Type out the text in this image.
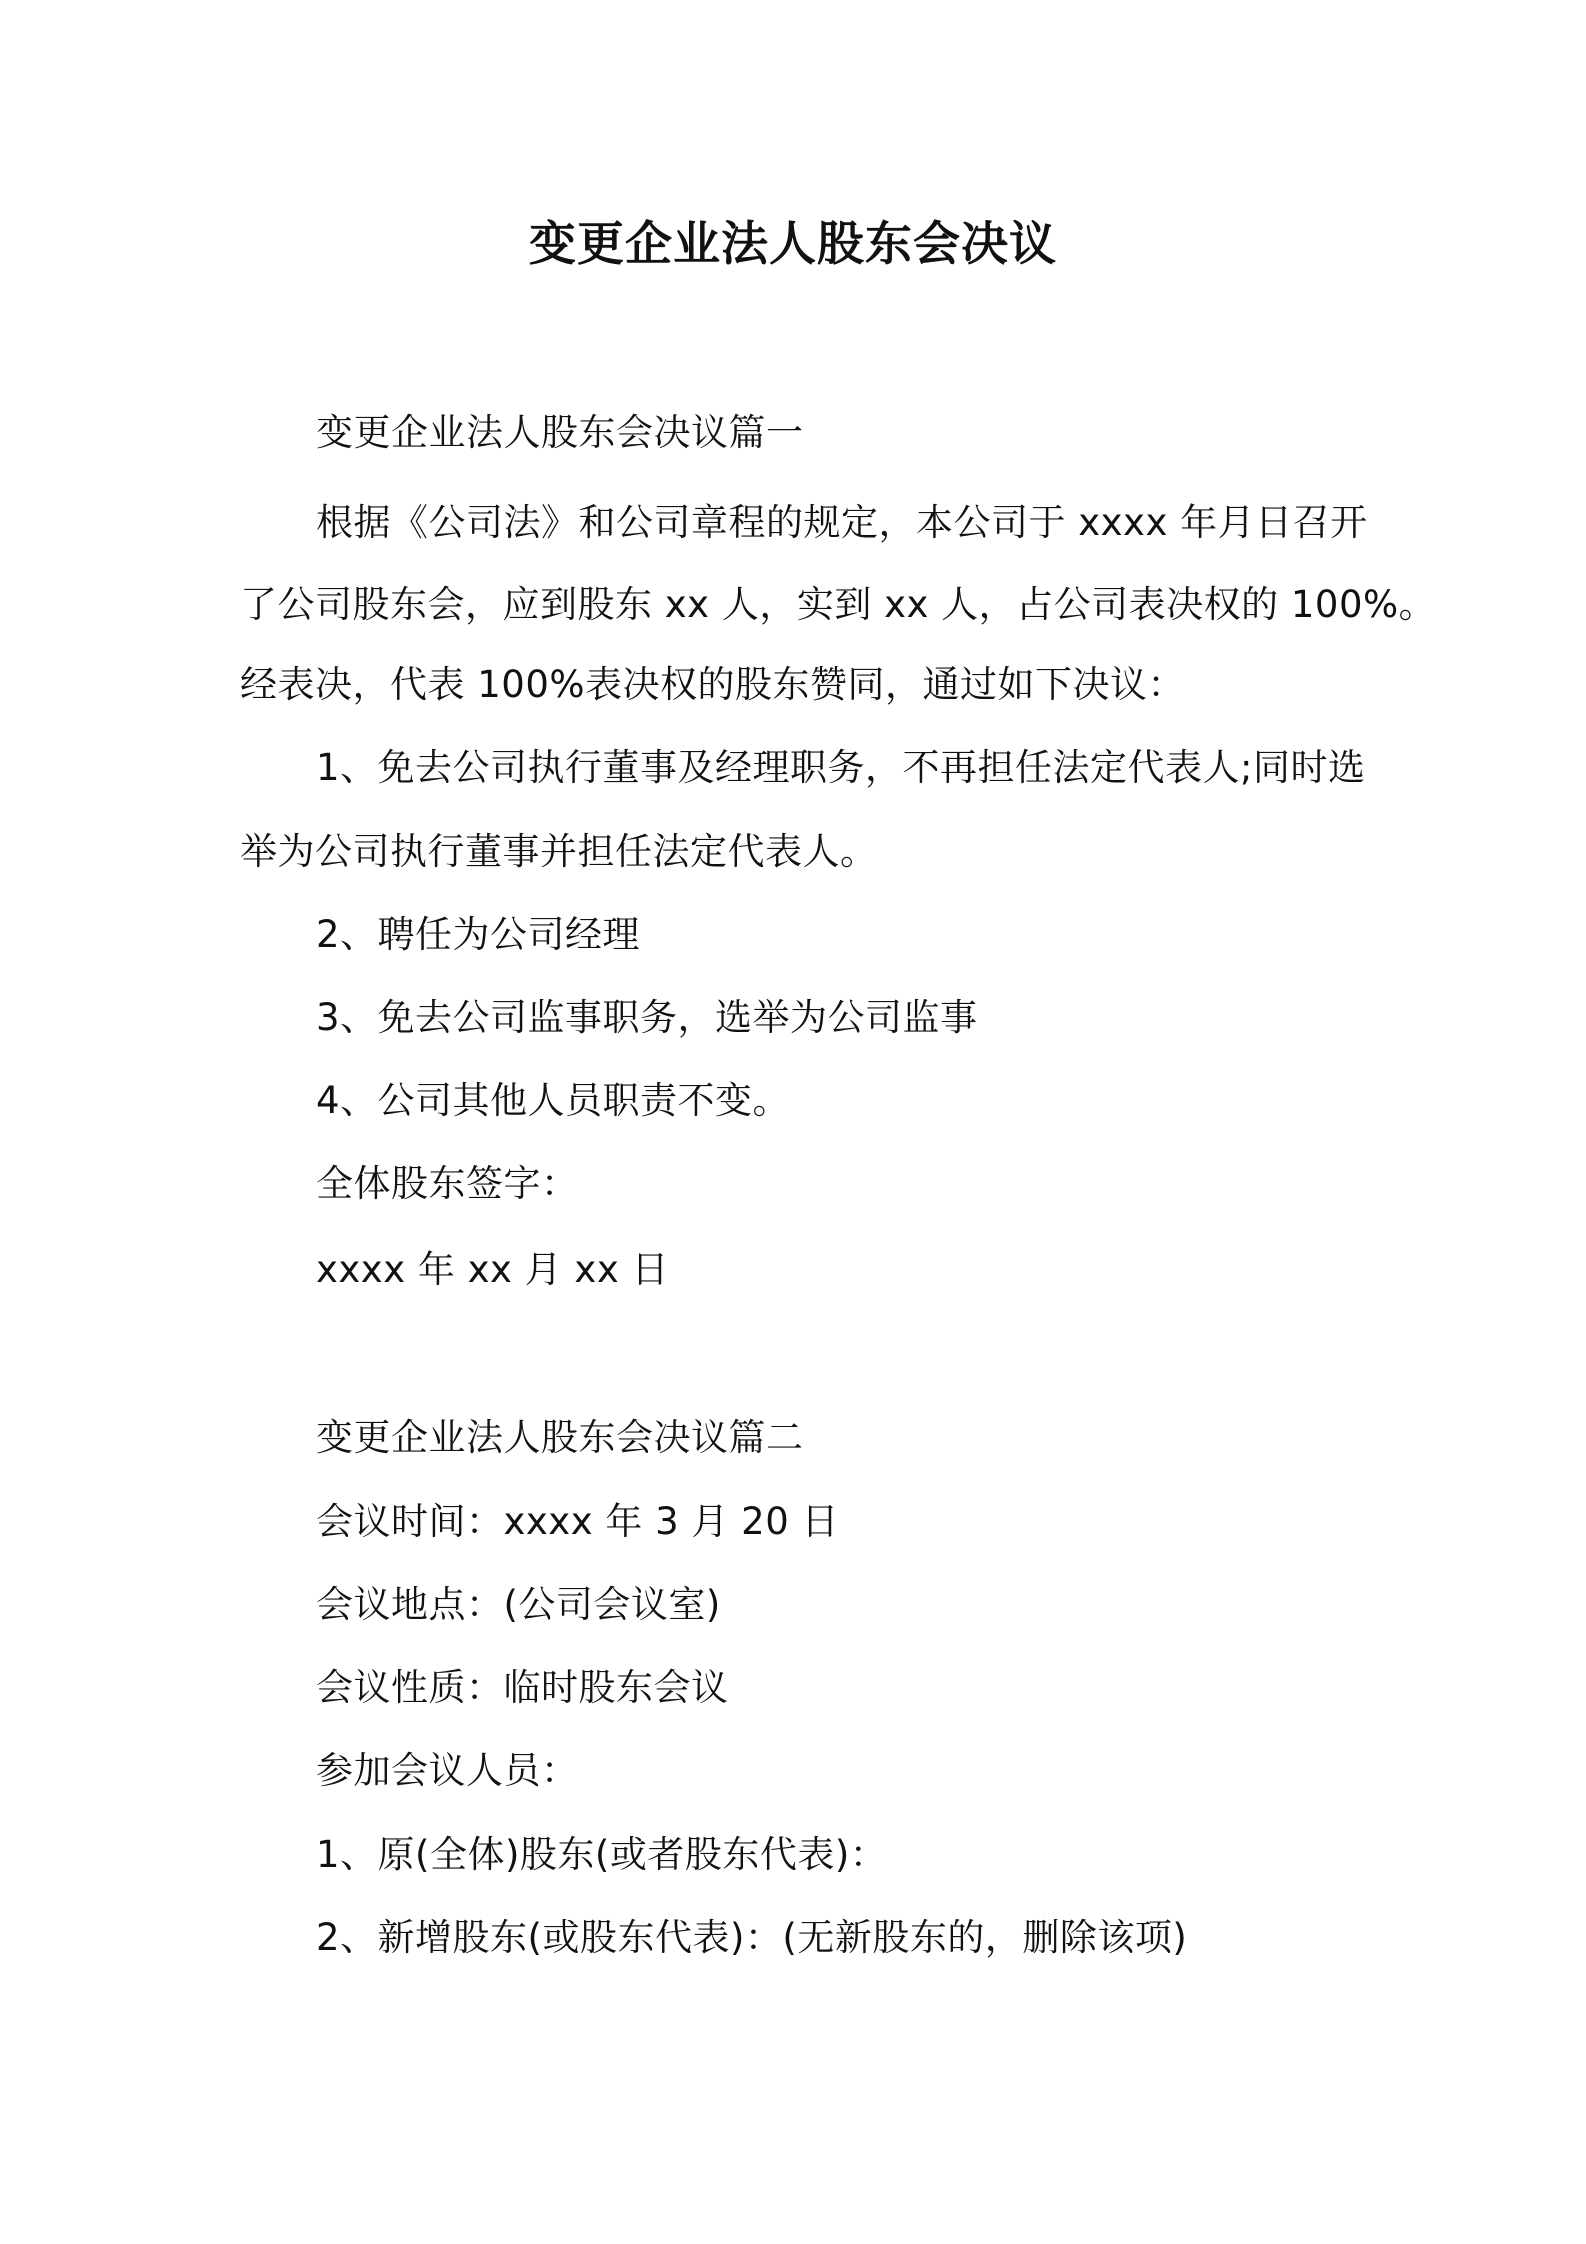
变更企业法人股东会决议
变更企业法人股东会决议篇一
根据《公司法》和公司章程的规定，本公司于 xxxx 年月日召开
了公司股东会，应到股东 xx 人，实到 xx 人，占公司表决权的 100%。
经表决，代表 100%表决权的股东赞同，通过如下决议：
1、免去公司执行董事及经理职务，不再担任法定代表人;同时选
举为公司执行董事并担任法定代表人。
2、聘任为公司经理
3、免去公司监事职务，选举为公司监事
4、公司其他人员职责不变。
全体股东签字：
xxxx 年 xx 月 xx 日
变更企业法人股东会决议篇二
会议时间：xxxx 年 3 月 20 日
会议地点：(公司会议室)
会议性质：临时股东会议
参加会议人员：
1、原(全体)股东(或者股东代表)：
2、新增股东(或股东代表)：(无新股东的，删除该项)
